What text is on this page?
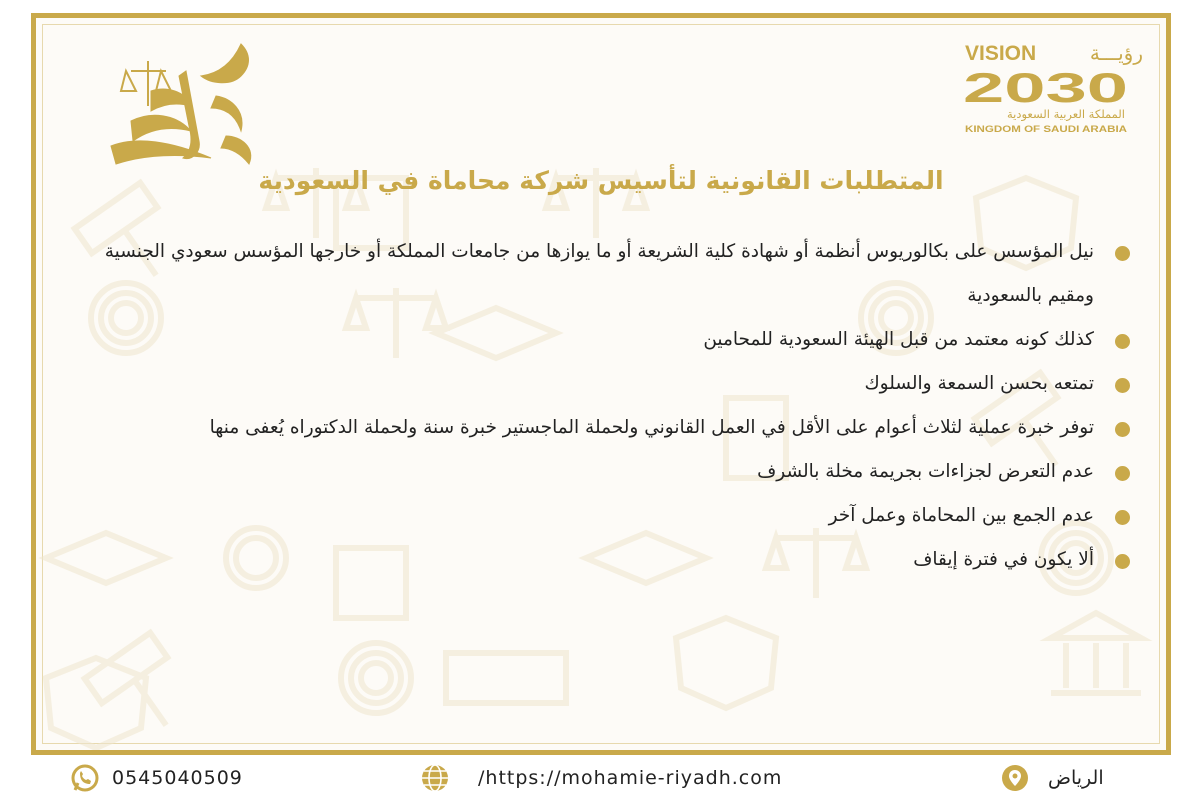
VISION	رؤيـــة
2030
المملكة العربية السعودية
KINGDOM OF SAUDI ARABIA
المتطلبات القانونية لتأسيس شركة محاماة في السعودية
نيل المؤسس على بكالوريوس أنظمة أو شهادة كلية الشريعة أو ما يوازها من جامعات المملكة أو خارجها المؤسس سعودي الجنسية ومقيم بالسعودية
كذلك كونه معتمد من قبل الهيئة السعودية للمحامين
تمتعه بحسن السمعة والسلوك
توفر خبرة عملية لثلاث أعوام على الأقل في العمل القانوني ولحملة الماجستير خبرة سنة ولحملة الدكتوراه يُعفى منها
عدم التعرض لجزاءات بجريمة مخلة بالشرف
عدم الجمع بين المحاماة وعمل آخر
ألا يكون في فترة إيقاف
0545040509	/https://mohamie-riyadh.com	الرياض
